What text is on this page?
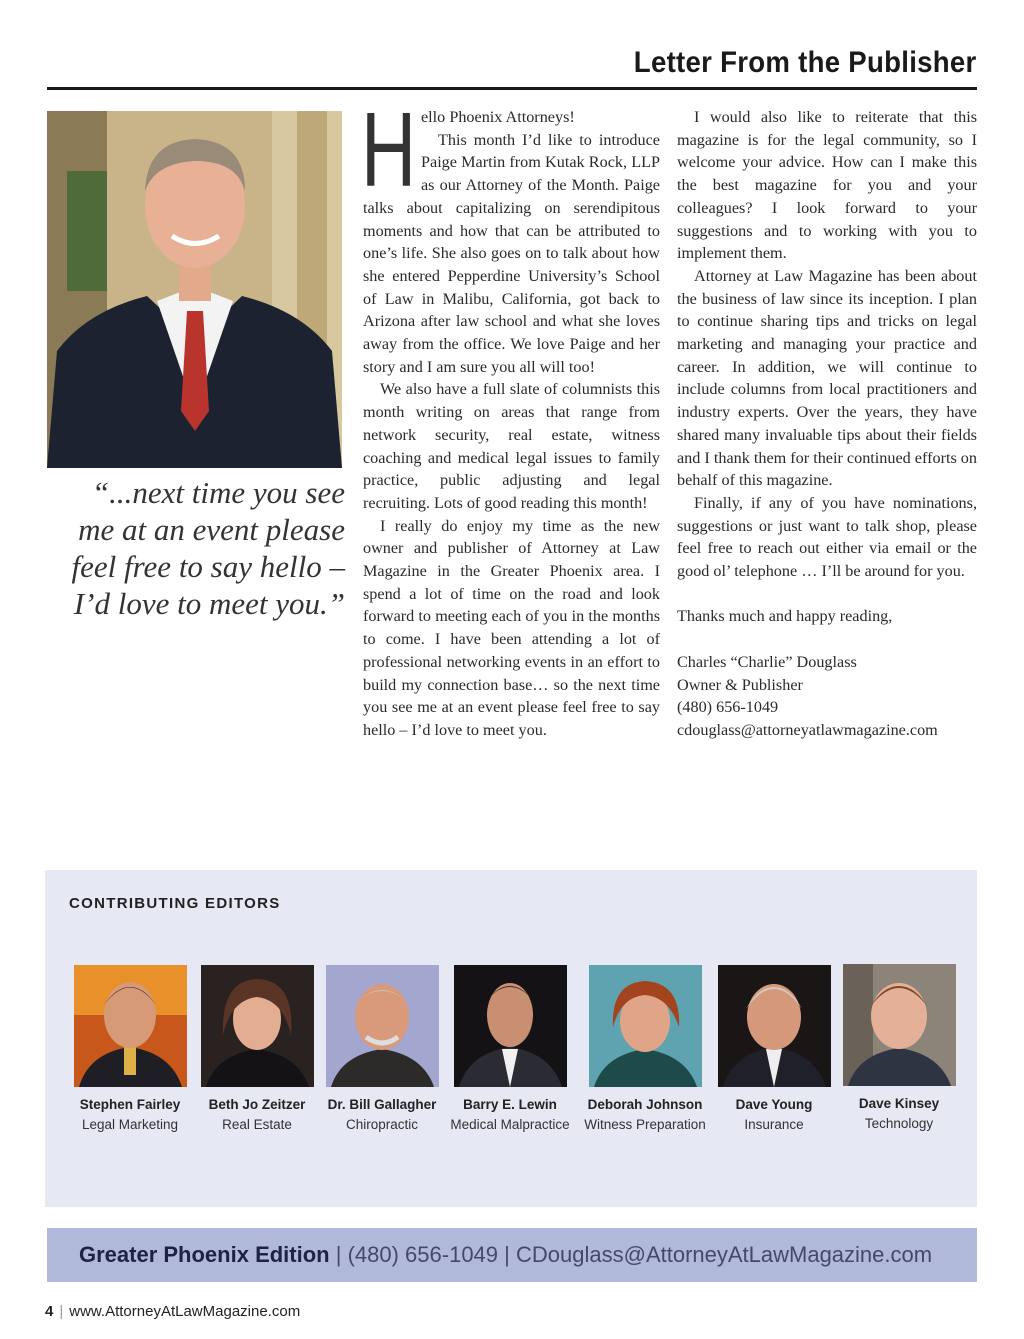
Letter From the Publisher
“...next time you see me at an event please feel free to say hello – I’d love to meet you.”
H ello Phoenix Attorneys!

This month I’d like to introduce Paige Martin from Kutak Rock, LLP as our Attorney of the Month. Paige talks about capitalizing on serendipitous moments and how that can be attributed to one’s life. She also goes on to talk about how she entered Pepperdine University’s School of Law in Malibu, California, got back to Arizona after law school and what she loves away from the office. We love Paige and her story and I am sure you all will too!

We also have a full slate of columnists this month writing on areas that range from network security, real estate, witness coaching and medical legal issues to family practice, public adjusting and legal recruiting. Lots of good reading this month!

I really do enjoy my time as the new owner and publisher of Attorney at Law Magazine in the Greater Phoenix area. I spend a lot of time on the road and look forward to meeting each of you in the months to come. I have been attending a lot of professional networking events in an effort to build my connection base… so the next time you see me at an event please feel free to say hello – I’d love to meet you.

I would also like to reiterate that this magazine is for the legal community, so I welcome your advice. How can I make this the best magazine for you and your colleagues? I look forward to your suggestions and to working with you to implement them.

Attorney at Law Magazine has been about the business of law since its inception. I plan to continue sharing tips and tricks on legal marketing and managing your practice and career. In addition, we will continue to include columns from local practitioners and industry experts. Over the years, they have shared many invaluable tips about their fields and I thank them for their continued efforts on behalf of this magazine.

Finally, if any of you have nominations, suggestions or just want to talk shop, please feel free to reach out either via email or the good ol’ telephone … I’ll be around for you.

Thanks much and happy reading,

Charles “Charlie” Douglass

Owner & Publisher

(480) 656-1049

cdouglass@attorneyatlawmagazine.com

CONTRIBUTING EDITORS
Stephen Fairley
Legal Marketing
Beth Jo Zeitzer
Real Estate
Dr. Bill Gallagher
Chiropractic
Barry E. Lewin
Medical Malpractice
Deborah Johnson
Witness Preparation
Dave Young
Insurance
Dave Kinsey
Technology
Greater Phoenix Edition | (480) 656-1049 | CDouglass@AttorneyAtLawMagazine.com
4 | www.AttorneyAtLawMagazine.com
